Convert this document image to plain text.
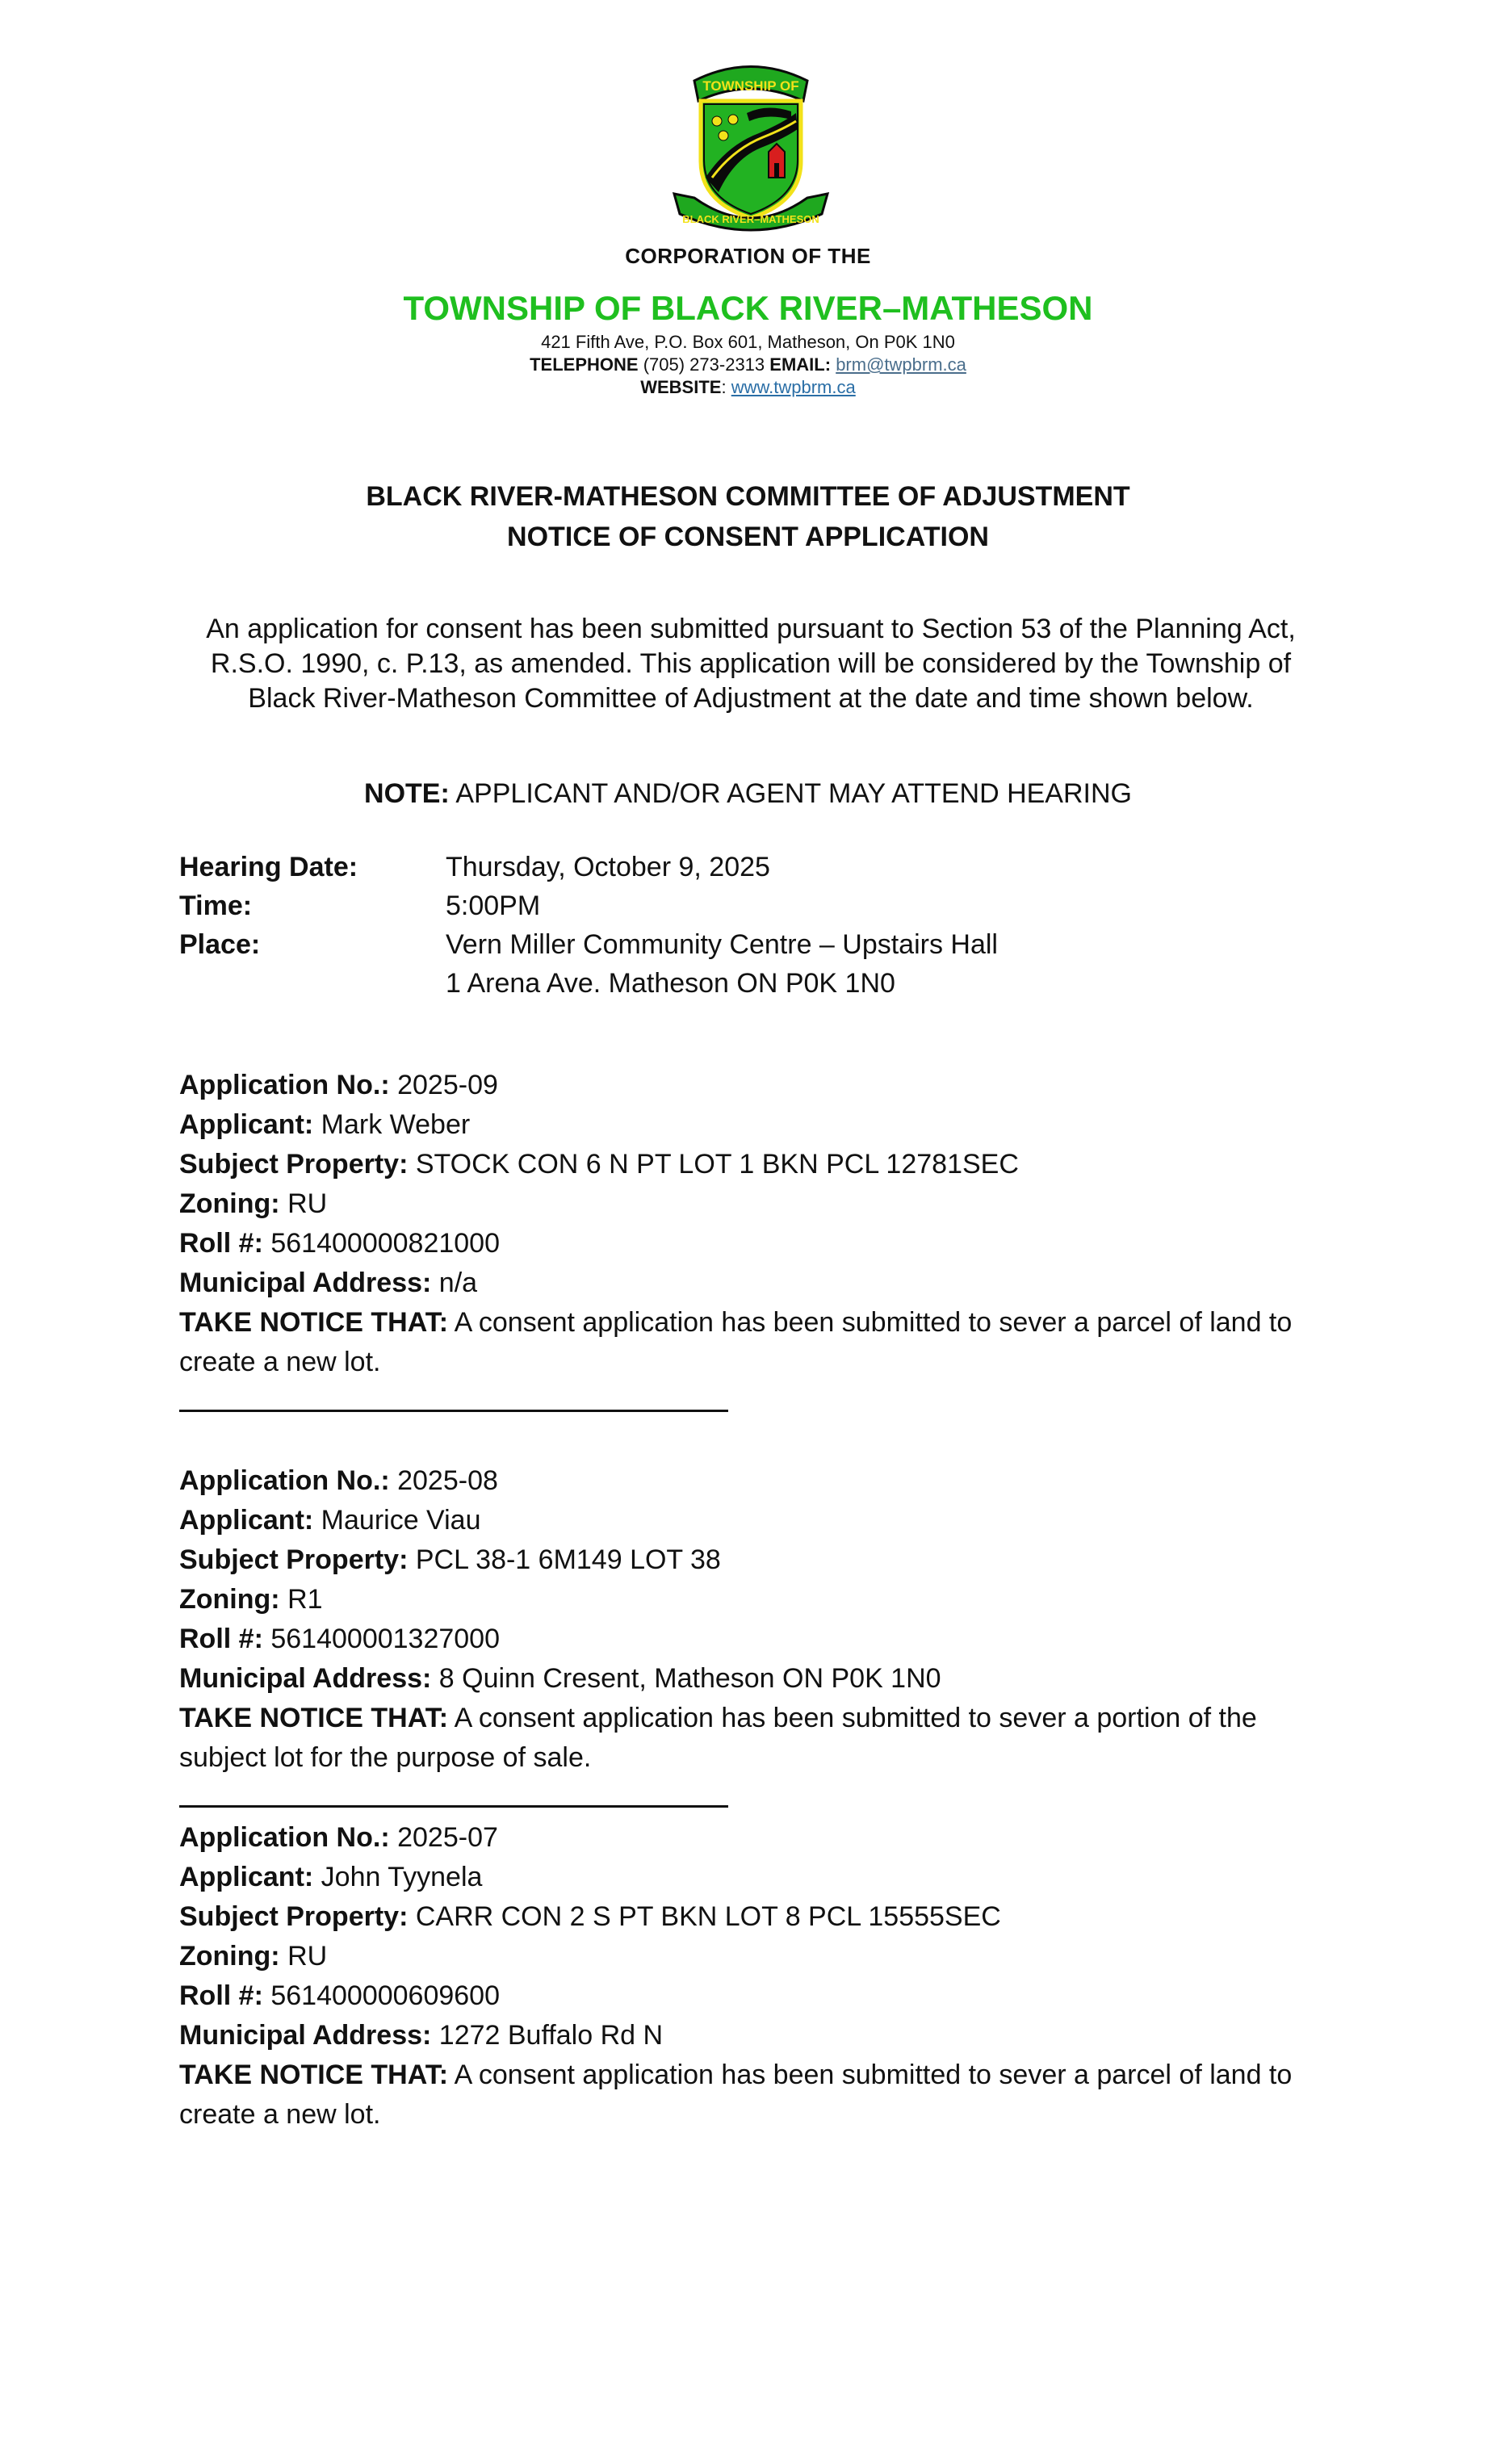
TOWNSHIP OF
BLACK RIVER–MATHESON
CORPORATION OF THE
TOWNSHIP OF BLACK RIVER–MATHESON
421 Fifth Ave, P.O. Box 601, Matheson, On P0K 1N0
TELEPHONE (705) 273-2313 EMAIL: brm@twpbrm.ca
WEBSITE: www.twpbrm.ca
BLACK RIVER-MATHESON COMMITTEE OF ADJUSTMENT
NOTICE OF CONSENT APPLICATION
An application for consent has been submitted pursuant to Section 53 of the Planning Act, R.S.O. 1990, c. P.13, as amended. This application will be considered by the Township of Black River-Matheson Committee of Adjustment at the date and time shown below.
NOTE: APPLICANT AND/OR AGENT MAY ATTEND HEARING
Hearing Date:	Thursday, October 9, 2025
Time:	5:00PM
Place:	Vern Miller Community Centre – Upstairs Hall
1 Arena Ave. Matheson ON P0K 1N0
Application No.: 2025-09
Applicant: Mark Weber
Subject Property: STOCK CON 6 N PT LOT 1 BKN PCL 12781SEC
Zoning: RU
Roll #: 561400000821000
Municipal Address: n/a
TAKE NOTICE THAT: A consent application has been submitted to sever a parcel of land to create a new lot.
Application No.: 2025-08
Applicant: Maurice Viau
Subject Property: PCL 38-1 6M149 LOT 38
Zoning: R1
Roll #: 561400001327000
Municipal Address: 8 Quinn Cresent, Matheson ON P0K 1N0
TAKE NOTICE THAT: A consent application has been submitted to sever a portion of the subject lot for the purpose of sale.
Application No.: 2025-07
Applicant: John Tyynela
Subject Property: CARR CON 2 S PT BKN LOT 8 PCL 15555SEC
Zoning: RU
Roll #: 561400000609600
Municipal Address: 1272 Buffalo Rd N
TAKE NOTICE THAT: A consent application has been submitted to sever a parcel of land to create a new lot.
